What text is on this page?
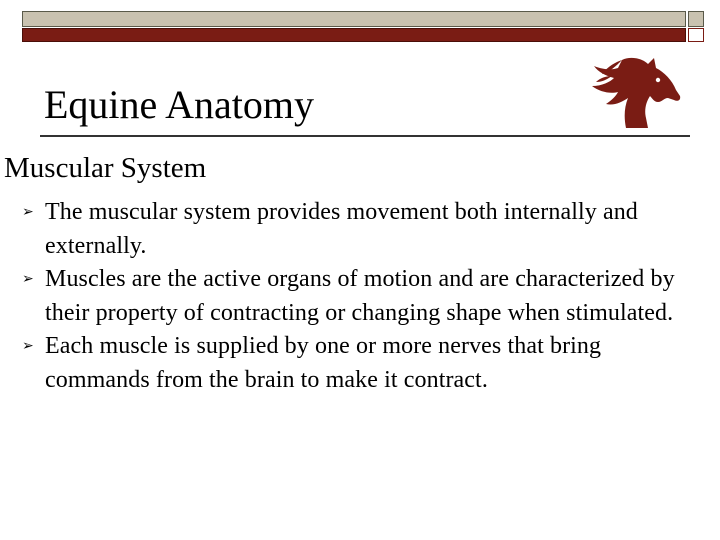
Equine Anatomy
Muscular System
➢ The muscular system provides movement both internally and externally.
➢ Muscles are the active organs of motion and are characterized by their property of contracting or changing shape when stimulated.
➢ Each muscle is supplied by one or more nerves that bring commands from the brain to make it contract.
